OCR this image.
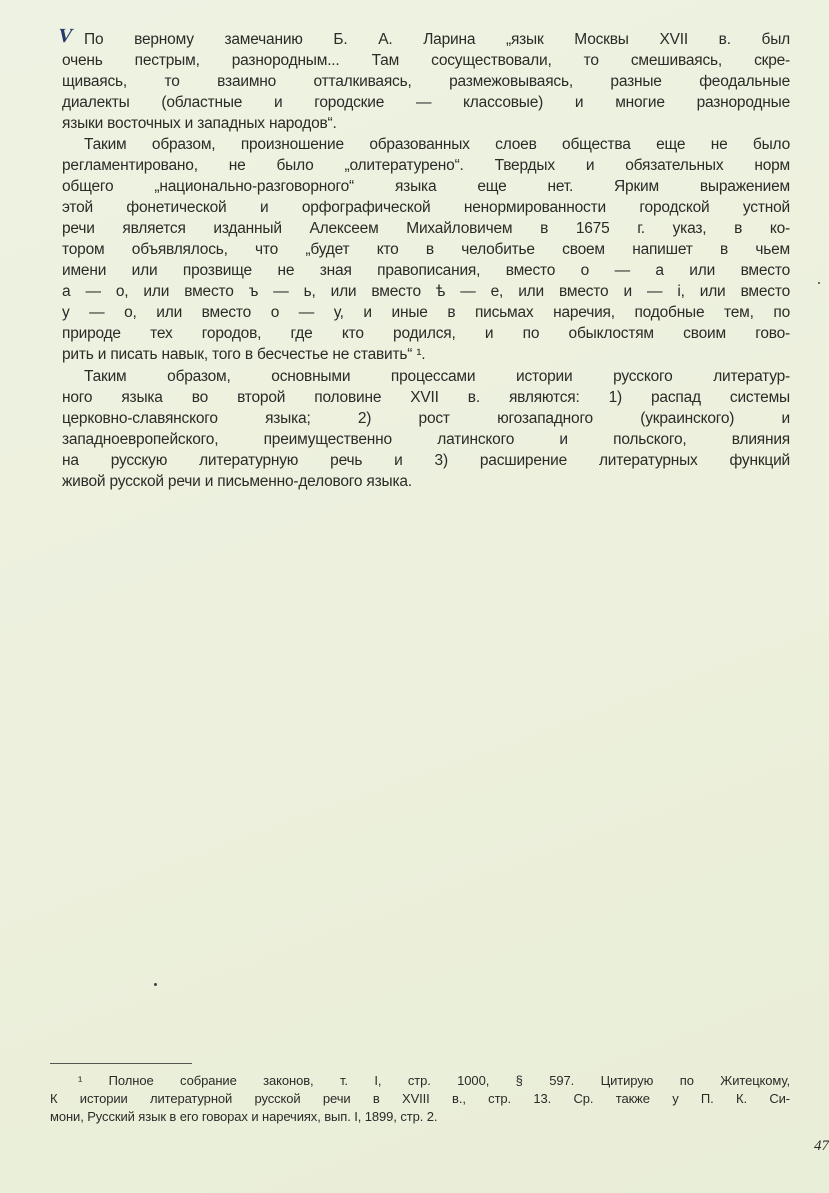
V По верному замечанию Б. А. Ларина „язык Москвы XVII в. был
очень пестрым, разнородным... Там сосуществовали, то смешиваясь, скре-
щиваясь, то взаимно отталкиваясь, размежовываясь, разные феодальные
диалекты (областные и городские — классовые) и многие разнородные
языки восточных и западных народов“.
Таким образом, произношение образованных слоев общества еще не было
регламентировано, не было „олитературено“. Твердых и обязательных норм
общего „национально-разговорного“ языка еще нет. Ярким выражением
этой фонетической и орфографической ненормированности городской устной
речи является изданный Алексеем Михайловичем в 1675 г. указ, в ко-
тором объявлялось, что „будет кто в челобитье своем напишет в чьем
имени или прозвище не зная правописания, вместо о — а или вместо
а — о, или вместо ъ — ь, или вместо ѣ — е, или вместо и — i, или вместо
у — о, или вместо о — у, и иные в письмах наречия, подобные тем, по
природе тех городов, где кто родился, и по обыклостям своим гово-
рить и писать навык, того в бесчестье не ставить“ ¹.
Таким образом, основными процессами истории русского литератур-
ного языка во второй половине XVII в. являются: 1) распад системы
церковно-славянского языка; 2) рост югозападного (украинского) и
западноевропейского, преимущественно латинского и польского, влияния
на русскую литературную речь и 3) расширение литературных функций
живой русской речи и письменно-делового языка.
¹ Полное собрание законов, т. I, стр. 1000, § 597. Цитирую по Житецкому,
К истории литературной русской речи в XVIII в., стр. 13. Ср. также у П. К. Си-
мони, Русский язык в его говорах и наречиях, вып. I, 1899, стр. 2.
47
